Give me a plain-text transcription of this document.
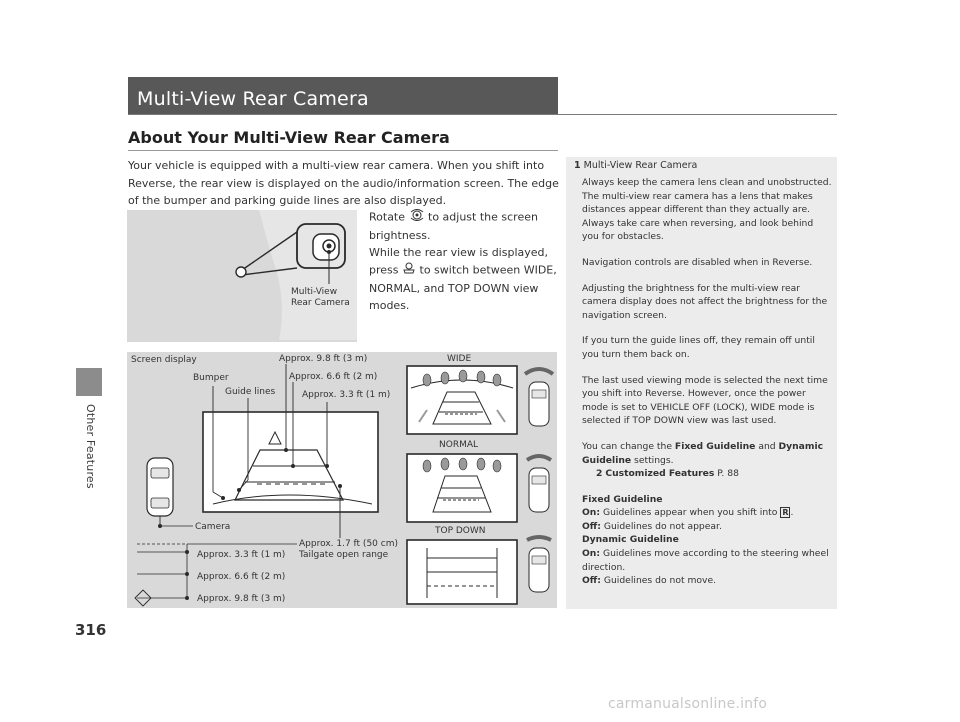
Other Features
Multi-View Rear Camera
About Your Multi-View Rear Camera
Your vehicle is equipped with a multi-view rear camera. When you shift into Reverse, the rear view is displayed on the audio/information screen. The edge of the bumper and parking guide lines are also displayed.
Multi-View
Rear Camera
Rotate to adjust the screen brightness.
While the rear view is displayed, press to switch between WIDE, NORMAL, and TOP DOWN view modes.
Screen display
Bumper
Guide lines
Approx. 9.8 ft (3 m)
Approx. 6.6 ft (2 m)
Approx. 3.3 ft (1 m)
Camera
Approx. 1.7 ft (50 cm)
Tailgate open range
Approx. 3.3 ft (1 m)
Approx. 6.6 ft (2 m)
Approx. 9.8 ft (3 m)
WIDE
NORMAL
TOP DOWN
1 Multi-View Rear Camera

Always keep the camera lens clean and unobstructed. The multi-view rear camera has a lens that makes distances appear different than they actually are. Always take care when reversing, and look behind you for obstacles.

Navigation controls are disabled when in Reverse.

Adjusting the brightness for the multi-view rear camera display does not affect the brightness for the navigation screen.

If you turn the guide lines off, they remain off until you turn them back on.

The last used viewing mode is selected the next time you shift into Reverse. However, once the power mode is set to VEHICLE OFF (LOCK), WIDE mode is selected if TOP DOWN view was last used.

You can change the Fixed Guideline and Dynamic Guideline settings.
2 Customized Features P. 88

Fixed Guideline
On: Guidelines appear when you shift into R .
Off: Guidelines do not appear.
Dynamic Guideline
On: Guidelines move according to the steering wheel direction.
Off: Guidelines do not move.

316
carmanualsonline.info
